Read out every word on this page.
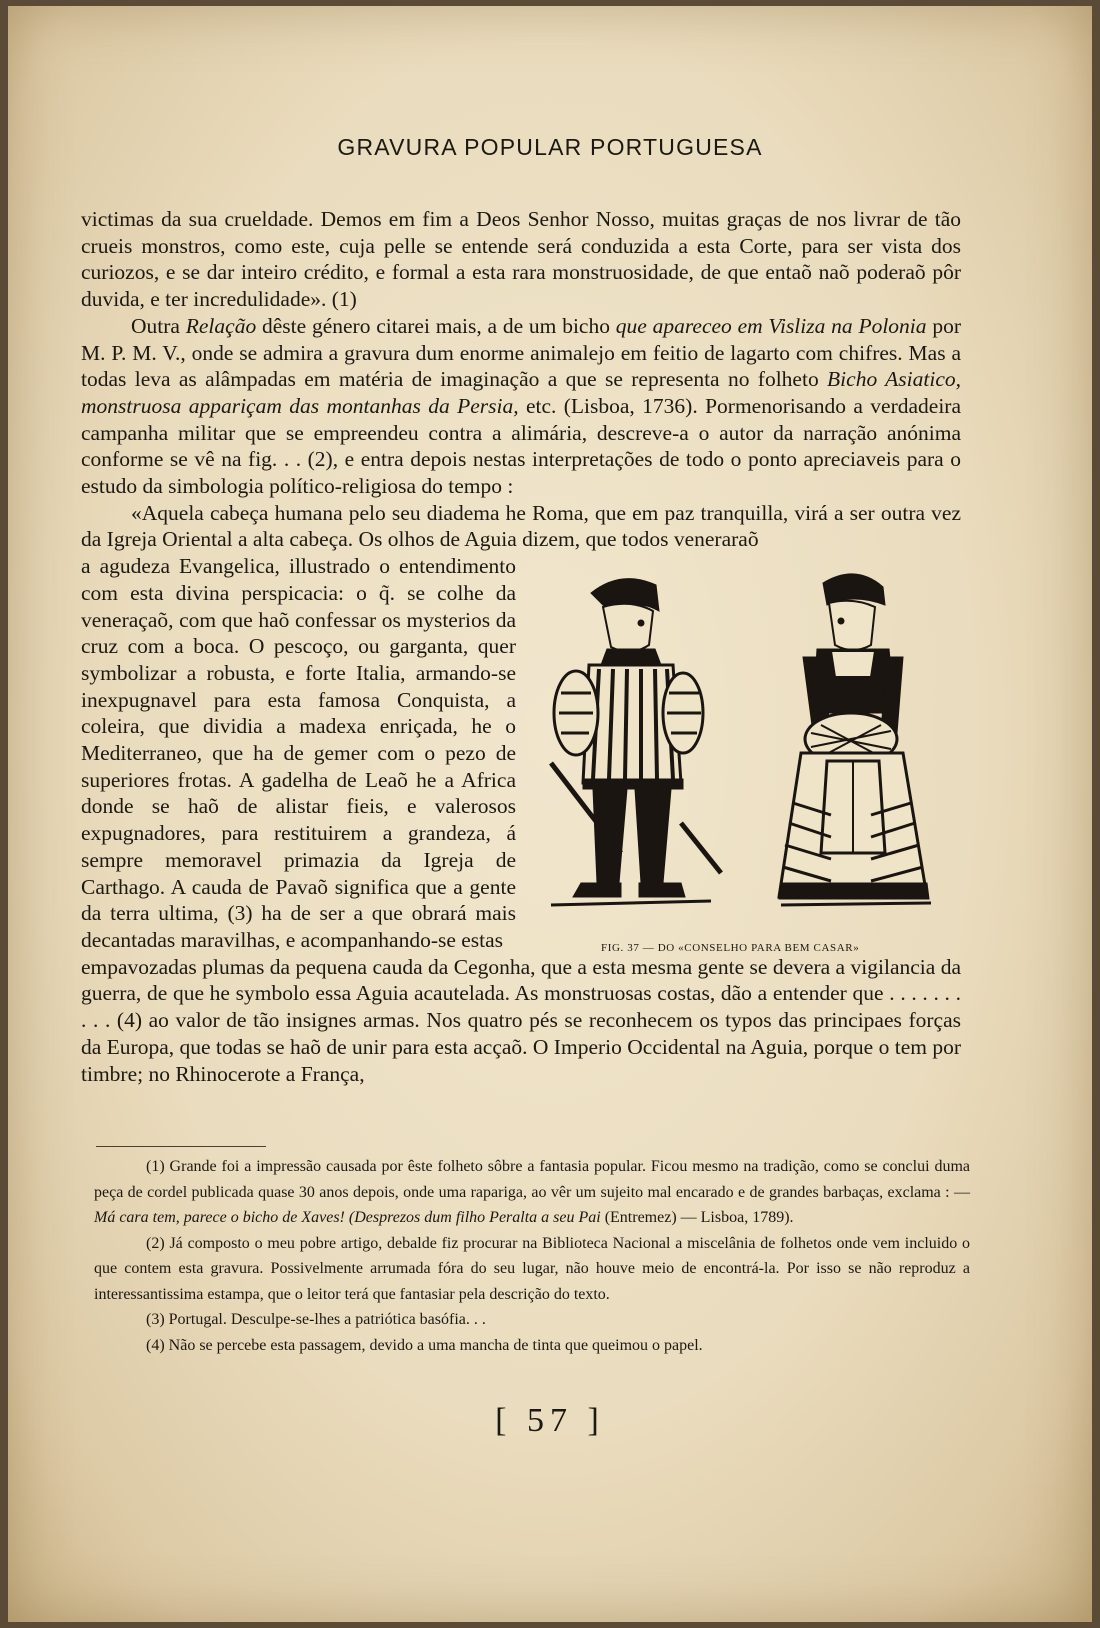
GRAVURA POPULAR PORTUGUESA

victimas da sua crueldade. Demos em fim a Deos Senhor Nosso, muitas graças de nos livrar de tão crueis monstros, como este, cuja pelle se entende será conduzida a esta Corte, para ser vista dos curiozos, e se dar inteiro crédito, e formal a esta rara monstruosidade, de que entaõ naõ poderaõ pôr duvida, e ter incredulidade». (1)

Outra Relação dêste género citarei mais, a de um bicho que apareceo em Visliza na Polonia por M. P. M. V., onde se admira a gravura dum enorme animalejo em feitio de lagarto com chifres. Mas a todas leva as alâmpadas em matéria de imaginação a que se representa no folheto Bicho Asiatico, monstruosa appariçam das montanhas da Persia, etc. (Lisboa, 1736). Pormenorisando a verdadeira campanha militar que se empreendeu contra a alimária, descreve-a o autor da narração anónima conforme se vê na fig. . . (2), e entra depois nestas interpretações de todo o ponto apreciaveis para o estudo da simbologia político-religiosa do tempo :

«Aquela cabeça humana pelo seu diadema he Roma, que em paz tranquilla, virá a ser outra vez da Igreja Oriental a alta cabeça. Os olhos de Aguia dizem, que todos veneraraõ

a agudeza Evangelica, illustrado o entendimento com esta divina perspicacia: o q̃. se colhe da veneraçaõ, com que haõ confessar os mysterios da cruz com a boca. O pescoço, ou garganta, quer symbolizar a robusta, e forte Italia, armando-se inexpugnavel para esta famosa Conquista, a coleira, que dividia a madexa enriçada, he o Mediterraneo, que ha de gemer com o pezo de superiores frotas. A gadelha de Leaõ he a Africa donde se haõ de alistar fieis, e valerosos expugnadores, para restituirem a grandeza, á sempre memoravel primazia da Igreja de Carthago. A cauda de Pavaõ significa que a gente da terra ultima, (3) ha de ser a que obrará mais decantadas maravilhas, e acompanhando-se estas	FIG. 37 — DO «CONSELHO PARA BEM CASAR»

empavozadas plumas da pequena cauda da Cegonha, que a esta mesma gente se devera a vigilancia da guerra, de que he symbolo essa Aguia acautelada. As monstruosas costas, dão a entender que . . . . . . . . . . (4) ao valor de tão insignes armas. Nos quatro pés se reconhecem os typos das principaes forças da Europa, que todas se haõ de unir para esta acçaõ. O Imperio Occidental na Aguia, porque o tem por timbre; no Rhinocerote a França,

(1) Grande foi a impressão causada por êste folheto sôbre a fantasia popular. Ficou mesmo na tradição, como se conclui duma peça de cordel publicada quase 30 anos depois, onde uma rapariga, ao vêr um sujeito mal encarado e de grandes barbaças, exclama : — Má cara tem, parece o bicho de Xaves! (Desprezos dum filho Peralta a seu Pai (Entremez) — Lisboa, 1789).

(2) Já composto o meu pobre artigo, debalde fiz procurar na Biblioteca Nacional a miscelânia de folhetos onde vem incluido o que contem esta gravura. Possivelmente arrumada fóra do seu lugar, não houve meio de encontrá-la. Por isso se não reproduz a interessantissima estampa, que o leitor terá que fantasiar pela descrição do texto.

(3) Portugal. Desculpe-se-lhes a patriótica basófia. . .

(4) Não se percebe esta passagem, devido a uma mancha de tinta que queimou o papel.

[ 57 ]
